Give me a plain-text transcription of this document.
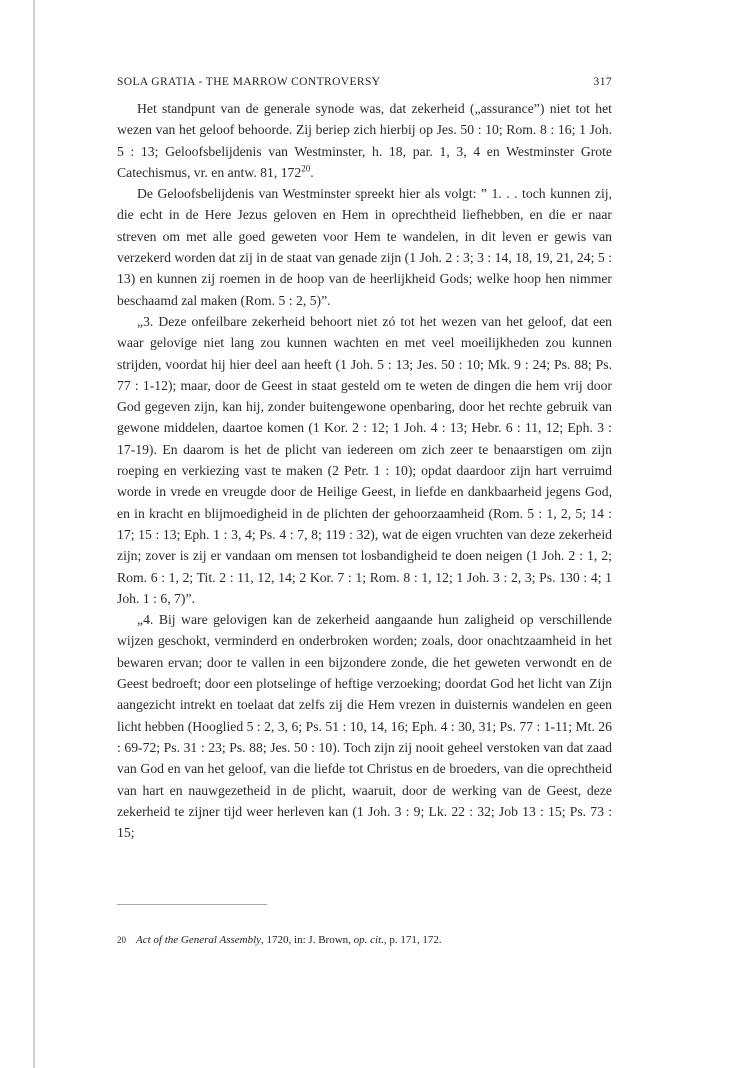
SOLA GRATIA - THE MARROW CONTROVERSY	317

Het standpunt van de generale synode was, dat zekerheid („assurance”) niet tot het wezen van het geloof behoorde. Zij beriep zich hierbij op Jes. 50 : 10; Rom. 8 : 16; 1 Joh. 5 : 13; Geloofsbelijdenis van Westminster, h. 18, par. 1, 3, 4 en Westminster Grote Catechismus, vr. en antw. 81, 172$^{20}$.

De Geloofsbelijdenis van Westminster spreekt hier als volgt: ” 1. . . toch kunnen zij, die echt in de Here Jezus geloven en Hem in oprechtheid liefhebben, en die er naar streven om met alle goed geweten voor Hem te wandelen, in dit leven er gewis van verzekerd worden dat zij in de staat van genade zijn (1 Joh. 2 : 3; 3 : 14, 18, 19, 21, 24; 5 : 13) en kunnen zij roemen in de hoop van de heerlijkheid Gods; welke hoop hen nimmer beschaamd zal maken (Rom. 5 : 2, 5)”.

„3. Deze onfeilbare zekerheid behoort niet zó tot het wezen van het geloof, dat een waar gelovige niet lang zou kunnen wachten en met veel moeilijkheden zou kunnen strijden, voordat hij hier deel aan heeft (1 Joh. 5 : 13; Jes. 50 : 10; Mk. 9 : 24; Ps. 88; Ps. 77 : 1-12); maar, door de Geest in staat gesteld om te weten de dingen die hem vrij door God gegeven zijn, kan hij, zonder buitengewone openbaring, door het rechte gebruik van gewone middelen, daartoe komen (1 Kor. 2 : 12; 1 Joh. 4 : 13; Hebr. 6 : 11, 12; Eph. 3 : 17-19). En daarom is het de plicht van iedereen om zich zeer te benaarstigen om zijn roeping en verkiezing vast te maken (2 Petr. 1 : 10); opdat daardoor zijn hart verruimd worde in vrede en vreugde door de Heilige Geest, in liefde en dankbaarheid jegens God, en in kracht en blijmoedigheid in de plichten der gehoorzaamheid (Rom. 5 : 1, 2, 5; 14 : 17; 15 : 13; Eph. 1 : 3, 4; Ps. 4 : 7, 8; 119 : 32), wat de eigen vruchten van deze zekerheid zijn; zover is zij er vandaan om mensen tot losbandigheid te doen neigen (1 Joh. 2 : 1, 2; Rom. 6 : 1, 2; Tit. 2 : 11, 12, 14; 2 Kor. 7 : 1; Rom. 8 : 1, 12; 1 Joh. 3 : 2, 3; Ps. 130 : 4; 1 Joh. 1 : 6, 7)”.

„4. Bij ware gelovigen kan de zekerheid aangaande hun zaligheid op verschillende wijzen geschokt, verminderd en onderbroken worden; zoals, door onachtzaamheid in het bewaren ervan; door te vallen in een bijzondere zonde, die het geweten verwondt en de Geest bedroeft; door een plotselinge of heftige verzoeking; doordat God het licht van Zijn aangezicht intrekt en toelaat dat zelfs zij die Hem vrezen in duisternis wandelen en geen licht hebben (Hooglied 5 : 2, 3, 6; Ps. 51 : 10, 14, 16; Eph. 4 : 30, 31; Ps. 77 : 1-11; Mt. 26 : 69-72; Ps. 31 : 23; Ps. 88; Jes. 50 : 10). Toch zijn zij nooit geheel verstoken van dat zaad van God en van het geloof, van die liefde tot Christus en de broeders, van die oprechtheid van hart en nauwgezetheid in de plicht, waaruit, door de werking van de Geest, deze zekerheid te zijner tijd weer herleven kan (1 Joh. 3 : 9; Lk. 22 : 32; Job 13 : 15; Ps. 73 : 15;

20 Act of the General Assembly, 1720, in: J. Brown, op. cit., p. 171, 172.
